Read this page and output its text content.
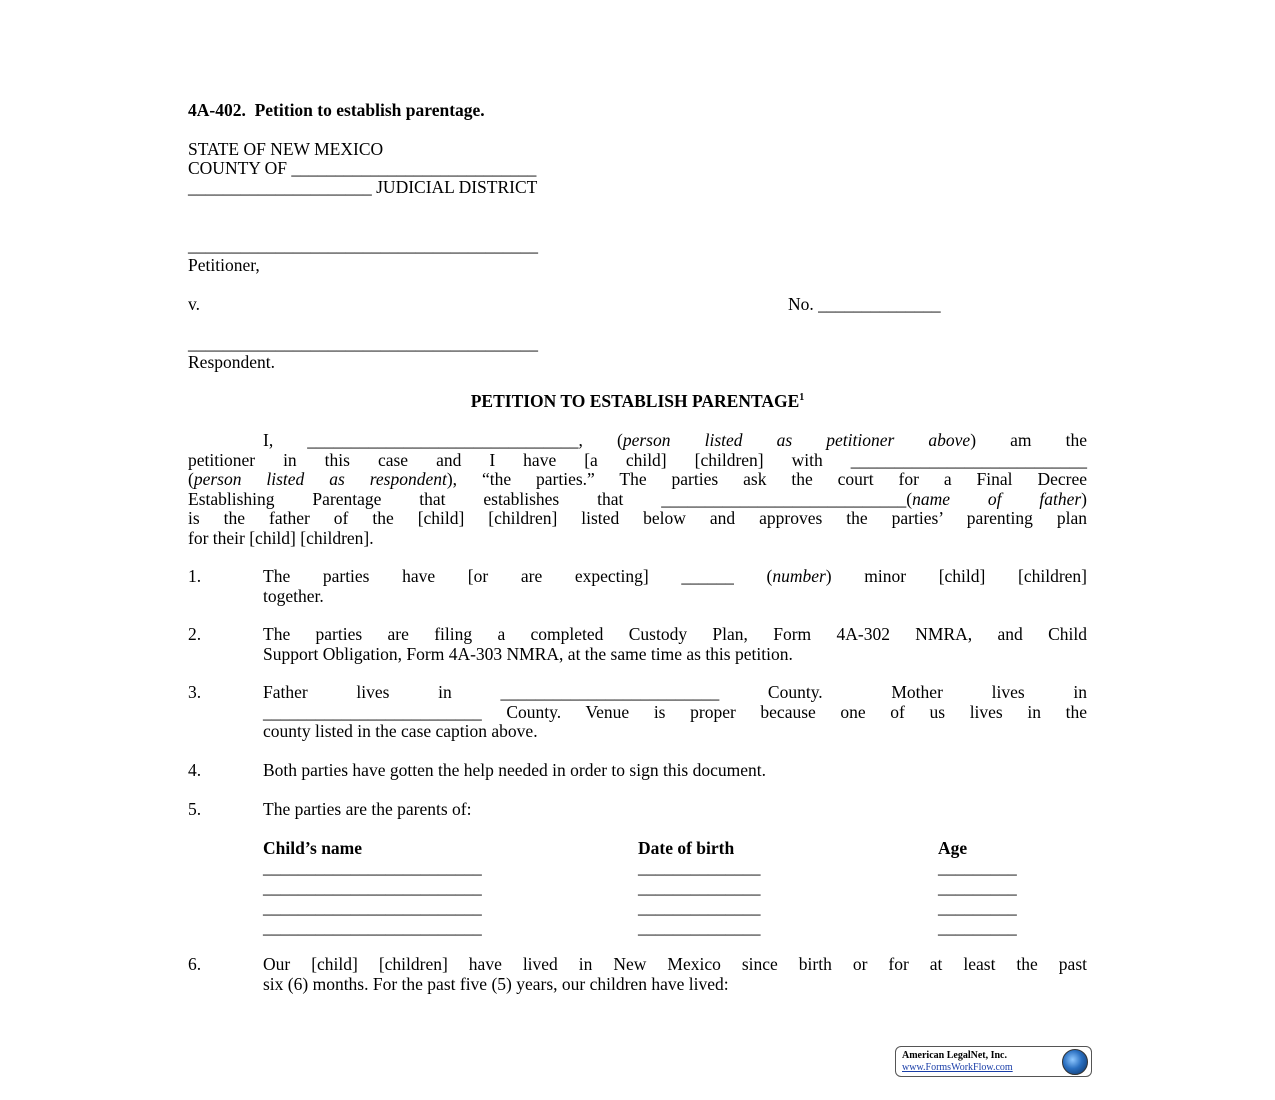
4A-402.  Petition to establish parentage.
STATE OF NEW MEXICO
COUNTY OF ____________________________
_____________________ JUDICIAL DISTRICT
________________________________________
Petitioner,
v.	No. ______________
________________________________________
Respondent.
PETITION TO ESTABLISH PARENTAGE$^1$
I, _______________________________, (person listed as petitioner above) am the
petitioner in this case and I have [a child] [children] with ___________________________
(person listed as respondent), “the parties.” The parties ask the court for a Final Decree
Establishing Parentage that establishes that ____________________________(name of father)
is the father of the [child] [children] listed below and approves the parties’ parenting plan
for their [child] [children].
1.	The parties have [or are expecting] ______ (number) minor [child] [children]
together.
2.	The parties are filing a completed Custody Plan, Form 4A-302 NMRA, and Child
Support Obligation, Form 4A-303 NMRA, at the same time as this petition.
3.	Father	lives	in	_________________________	County.	Mother	lives	in
_________________________ County. Venue is proper because one of us lives in the
county listed in the case caption above.
4.	Both parties have gotten the help needed in order to sign this document.
5.	The parties are the parents of:
Child’s name	Date of birth	Age
_________________________	______________	_________
_________________________	______________	_________
_________________________	______________	_________
_________________________	______________	_________
6.	Our [child] [children] have lived in New Mexico since birth or for at least the past
six (6) months. For the past five (5) years, our children have lived:
American LegalNet, Inc.
www.FormsWorkFlow.com
